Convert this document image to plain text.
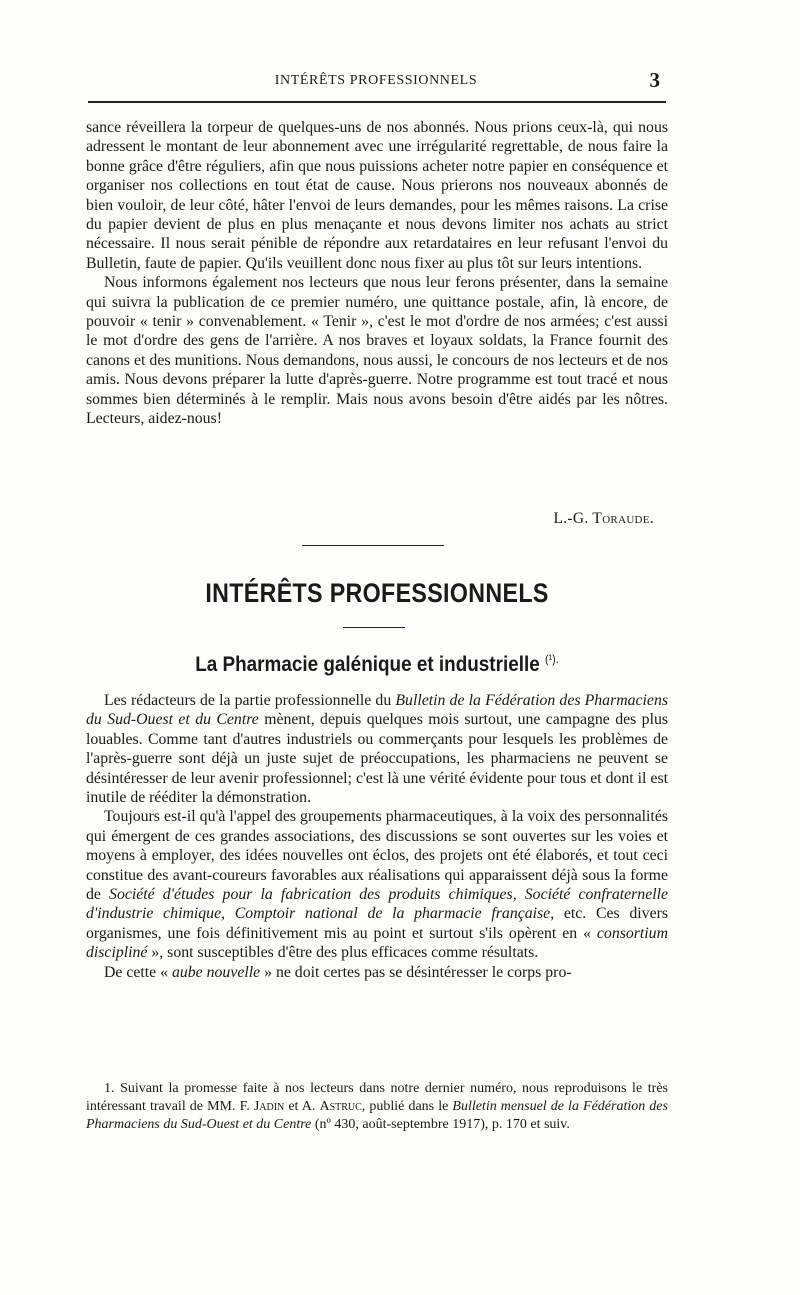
INTÉRÊTS PROFESSIONNELS	3

sance réveillera la torpeur de quelques-uns de nos abonnés. Nous prions ceux-là, qui nous adressent le montant de leur abonnement avec une irrégularité regrettable, de nous faire la bonne grâce d'être réguliers, afin que nous puissions acheter notre papier en conséquence et organiser nos collections en tout état de cause. Nous prierons nos nouveaux abonnés de bien vouloir, de leur côté, hâter l'envoi de leurs demandes, pour les mêmes raisons. La crise du papier devient de plus en plus menaçante et nous devons limiter nos achats au strict nécessaire. Il nous serait pénible de répondre aux retardataires en leur refusant l'envoi du Bulletin, faute de papier. Qu'ils veuillent donc nous fixer au plus tôt sur leurs intentions.

Nous informons également nos lecteurs que nous leur ferons présenter, dans la semaine qui suivra la publication de ce premier numéro, une quittance postale, afin, là encore, de pouvoir « tenir » convenablement. « Tenir », c'est le mot d'ordre de nos armées; c'est aussi le mot d'ordre des gens de l'arrière. A nos braves et loyaux soldats, la France fournit des canons et des munitions. Nous demandons, nous aussi, le concours de nos lecteurs et de nos amis. Nous devons préparer la lutte d'après-guerre. Notre programme est tout tracé et nous sommes bien déterminés à le remplir. Mais nous avons besoin d'être aidés par les nôtres. Lecteurs, aidez-nous!

L.-G. Toraude.
INTÉRÊTS PROFESSIONNELS
La Pharmacie galénique et industrielle $^{(^1).}$

Les rédacteurs de la partie professionnelle du Bulletin de la Fédération des Pharmaciens du Sud-Ouest et du Centre mènent, depuis quelques mois surtout, une campagne des plus louables. Comme tant d'autres industriels ou commerçants pour lesquels les problèmes de l'après-guerre sont déjà un juste sujet de préoccupations, les pharmaciens ne peuvent se désintéresser de leur avenir professionnel; c'est là une vérité évidente pour tous et dont il est inutile de rééditer la démonstration.

Toujours est-il qu'à l'appel des groupements pharmaceutiques, à la voix des personnalités qui émergent de ces grandes associations, des discussions se sont ouvertes sur les voies et moyens à employer, des idées nouvelles ont éclos, des projets ont été élaborés, et tout ceci constitue des avant-coureurs favorables aux réalisations qui apparaissent déjà sous la forme de Société d'études pour la fabrication des produits chimiques, Société confraternelle d'industrie chimique, Comptoir national de la pharmacie française, etc. Ces divers organismes, une fois définitivement mis au point et surtout s'ils opèrent en « consortium discipliné », sont susceptibles d'être des plus efficaces comme résultats.

De cette « aube nouvelle » ne doit certes pas se désintéresser le corps pro-

1. Suivant la promesse faite à nos lecteurs dans notre dernier numéro, nous reproduisons le très intéressant travail de MM. F. Jadin et A. Astruc, publié dans le Bulletin mensuel de la Fédération des Pharmaciens du Sud-Ouest et du Centre (nº 430, août-septembre 1917), p. 170 et suiv.
